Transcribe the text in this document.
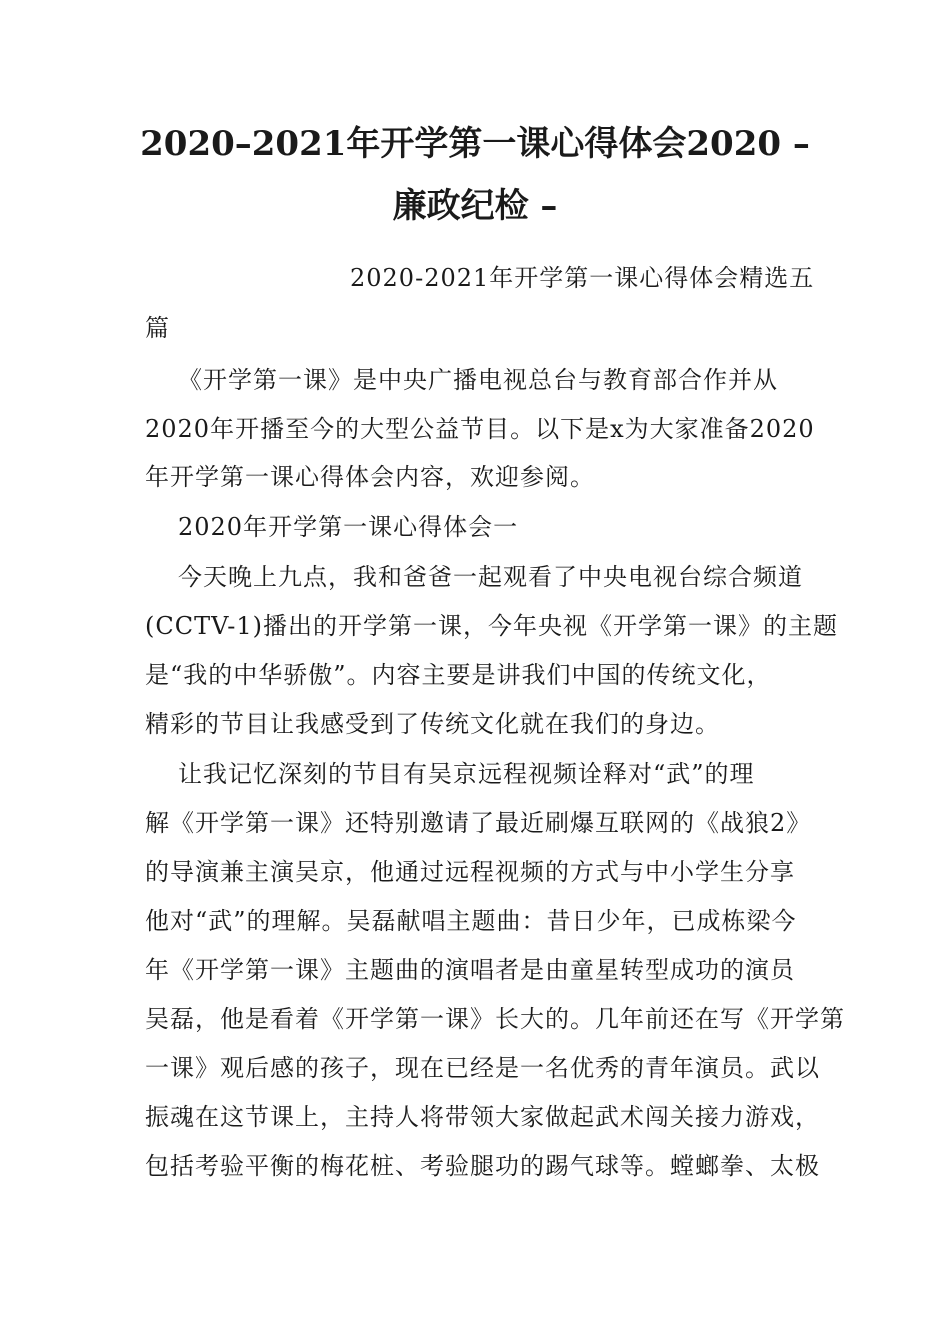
2020–2021年开学第一课心得体会2020 –
廉政纪检 –
2020-2021年开学第一课心得体会精选五
篇
《开学第一课》是中央广播电视总台与教育部合作并从
2020年开播至今的大型公益节目。以下是x为大家准备2020
年开学第一课心得体会内容，欢迎参阅。
2020年开学第一课心得体会一
今天晚上九点，我和爸爸一起观看了中央电视台综合频道
(CCTV-1)播出的开学第一课，今年央视《开学第一课》的主题
是“我的中华骄傲”。内容主要是讲我们中国的传统文化，
精彩的节目让我感受到了传统文化就在我们的身边。
让我记忆深刻的节目有吴京远程视频诠释对“武”的理
解《开学第一课》还特别邀请了最近刷爆互联网的《战狼2》
的导演兼主演吴京，他通过远程视频的方式与中小学生分享
他对“武”的理解。吴磊献唱主题曲：昔日少年，已成栋梁今
年《开学第一课》主题曲的演唱者是由童星转型成功的演员
吴磊，他是看着《开学第一课》长大的。几年前还在写《开学第
一课》观后感的孩子，现在已经是一名优秀的青年演员。武以
振魂在这节课上，主持人将带领大家做起武术闯关接力游戏，
包括考验平衡的梅花桩、考验腿功的踢气球等。螳螂拳、太极
